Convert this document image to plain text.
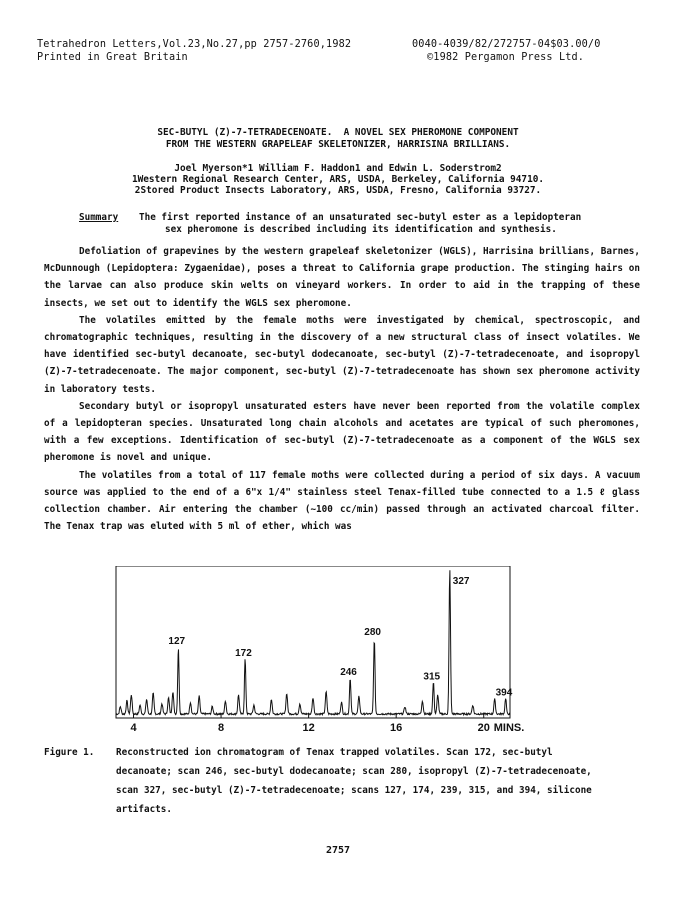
Tetrahedron Letters,Vol.23,No.27,pp 2757-2760,1982
Printed in Great Britain
0040-4039/82/272757-04$03.00/0
©1982 Pergamon Press Ltd.
SEC-BUTYL (Z)-7-TETRADECENOATE.  A NOVEL SEX PHEROMONE COMPONENT
FROM THE WESTERN GRAPELEAF SKELETONIZER, HARRISINA BRILLIANS.
Joel Myerson*1 William F. Haddon1 and Edwin L. Soderstrom2
1Western Regional Research Center, ARS, USDA, Berkeley, California 94710.
2Stored Product Insects Laboratory, ARS, USDA, Fresno, California 93727.
Summary The first reported instance of an unsaturated sec-butyl ester as a lepidopteran
sex pheromone is described including its identification and synthesis.

Defoliation of grapevines by the western grapeleaf skeletonizer (WGLS), Harrisina brillians, Barnes, McDunnough (Lepidoptera: Zygaenidae), poses a threat to California grape production. The stinging hairs on the larvae can also produce skin welts on vineyard workers. In order to aid in the trapping of these insects, we set out to identify the WGLS sex pheromone.

The volatiles emitted by the female moths were investigated by chemical, spectroscopic, and chromatographic techniques, resulting in the discovery of a new structural class of insect volatiles. We have identified sec-butyl decanoate, sec-butyl dodecanoate, sec-butyl (Z)-7-tetradecenoate, and isopropyl (Z)-7-tetradecenoate. The major component, sec-butyl (Z)-7-tetradecenoate has shown sex pheromone activity in laboratory tests.

Secondary butyl or isopropyl unsaturated esters have never been reported from the volatile complex of a lepidopteran species. Unsaturated long chain alcohols and acetates are typical of such pheromones, with a few exceptions. Identification of sec-butyl (Z)-7-tetradecenoate as a component of the WGLS sex pheromone is novel and unique.

The volatiles from a total of 117 female moths were collected during a period of six days. A vacuum source was applied to the end of a 6"x 1/4" stainless steel Tenax-filled tube connected to a 1.5 ℓ glass collection chamber. Air entering the chamber (~100 cc/min) passed through an activated charcoal filter. The Tenax trap was eluted with 5 ml of ether, which was

127
172
246
280
315
327
394
4	8	12	16	20 MINS.
Figure 1. Reconstructed ion chromatogram of Tenax trapped volatiles. Scan 172, sec-butyl
decanoate; scan 246, sec-butyl dodecanoate; scan 280, isopropyl (Z)-7-tetradecenoate,
scan 327, sec-butyl (Z)-7-tetradecenoate; scans 127, 174, 239, 315, and 394, silicone
artifacts.
2757
